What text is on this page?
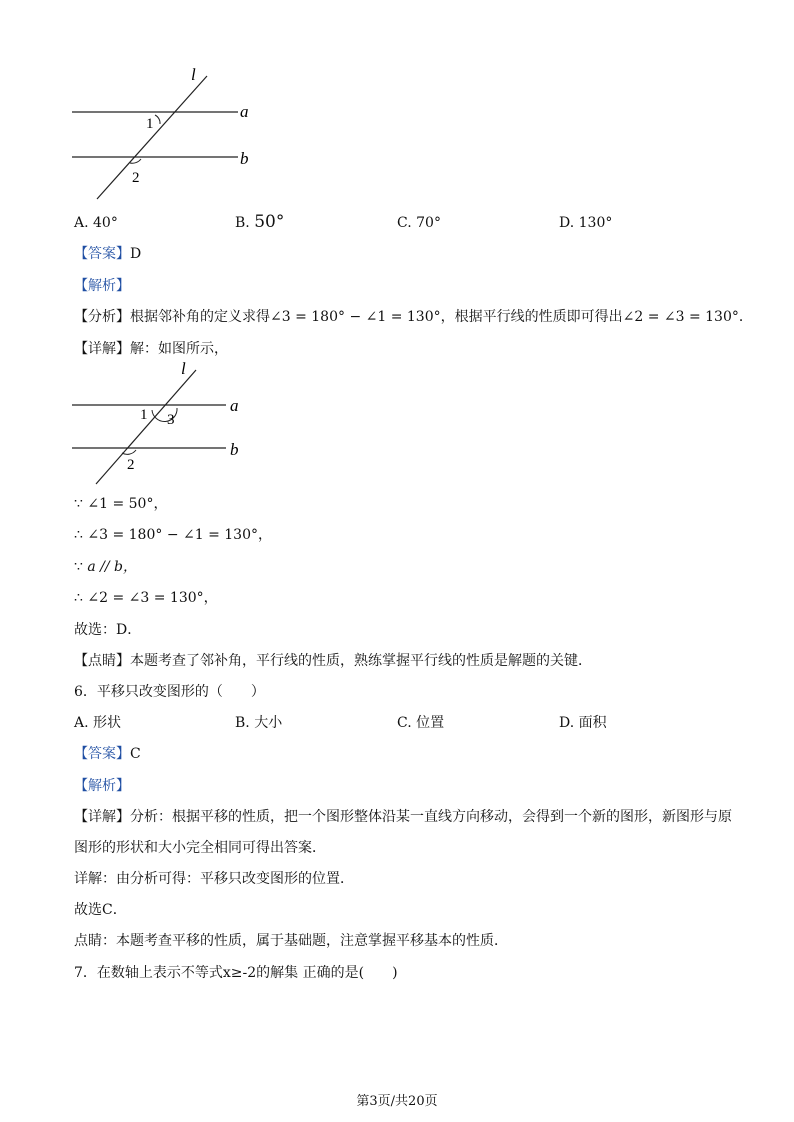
l
a
b
1
2
A. 40°	B. 50°	C. 70°	D. 130°
【答案】D
【解析】
【分析】根据邻补角的定义求得∠3 = 180° − ∠1 = 130°，根据平行线的性质即可得出∠2 = ∠3 = 130°．
【详解】解：如图所示，
l
a
b
1 3
2
∵ ∠1 = 50°，
∴ ∠3 = 180° − ∠1 = 130°，
∵ a // b，
∴ ∠2 = ∠3 = 130°，
故选：D．
【点睛】本题考查了邻补角，平行线的性质，熟练掌握平行线的性质是解题的关键．
6．平移只改变图形的（　　）
A. 形状	B. 大小	C. 位置	D. 面积
【答案】C
【解析】
【详解】分析：根据平移的性质，把一个图形整体沿某一直线方向移动，会得到一个新的图形，新图形与原
图形的形状和大小完全相同可得出答案．
详解：由分析可得：平移只改变图形的位置．
故选C．
点睛：本题考查平移的性质，属于基础题，注意掌握平移基本的性质．
7．在数轴上表示不等式x≥-2的解集 正确的是(　　)
第3页/共20页
